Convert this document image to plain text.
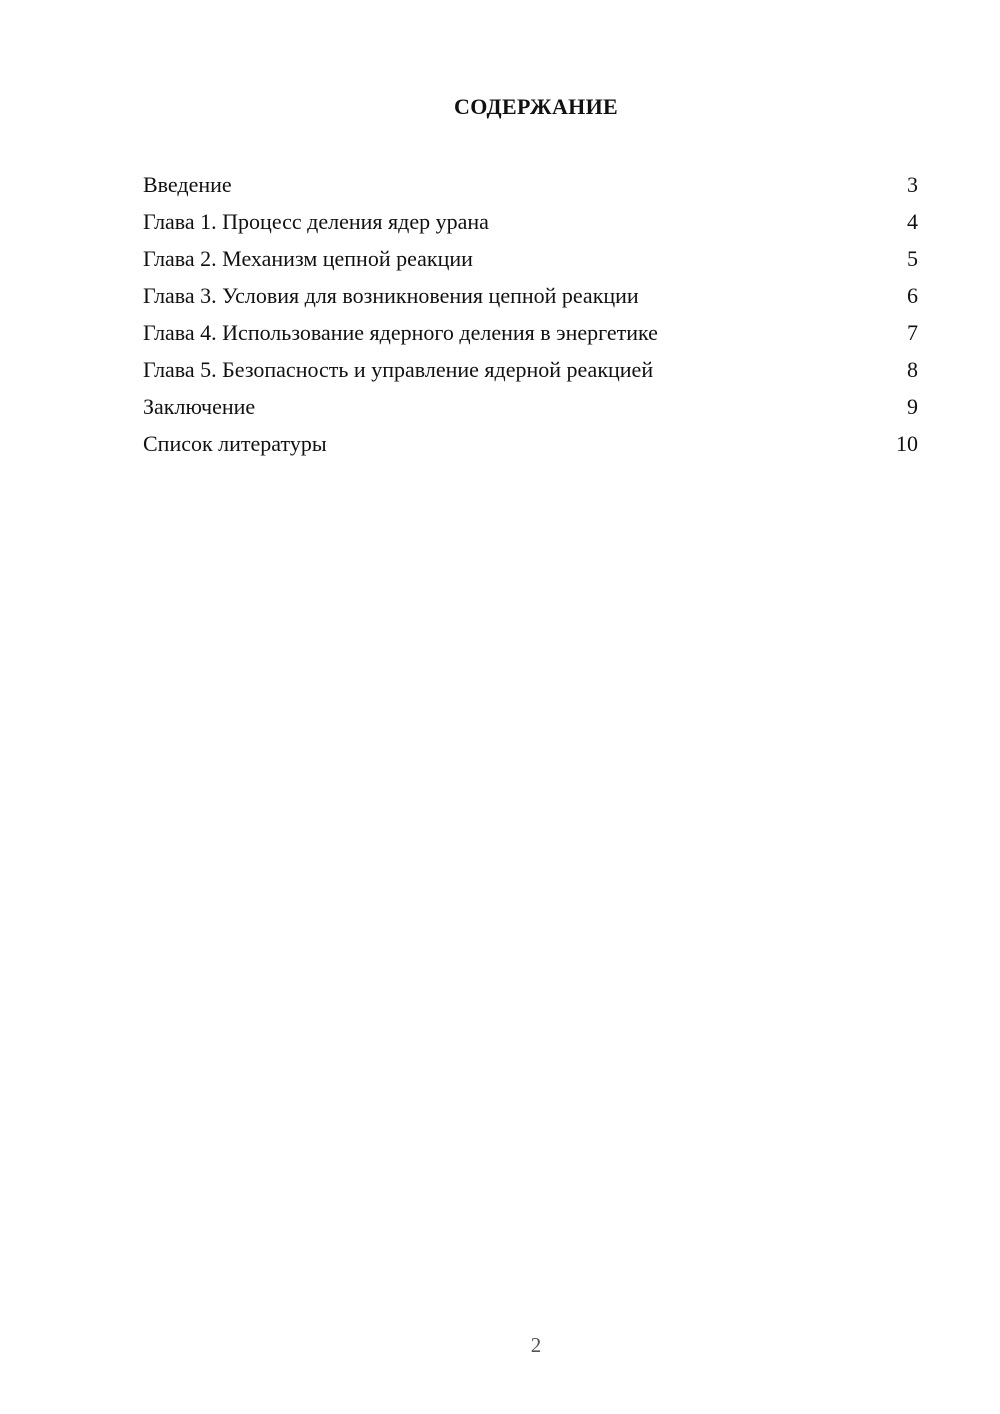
СОДЕРЖАНИЕ
Введение	3
Глава 1. Процесс деления ядер урана	4
Глава 2. Механизм цепной реакции	5
Глава 3. Условия для возникновения цепной реакции	6
Глава 4. Использование ядерного деления в энергетике	7
Глава 5. Безопасность и управление ядерной реакцией	8
Заключение	9
Список литературы	10
2
